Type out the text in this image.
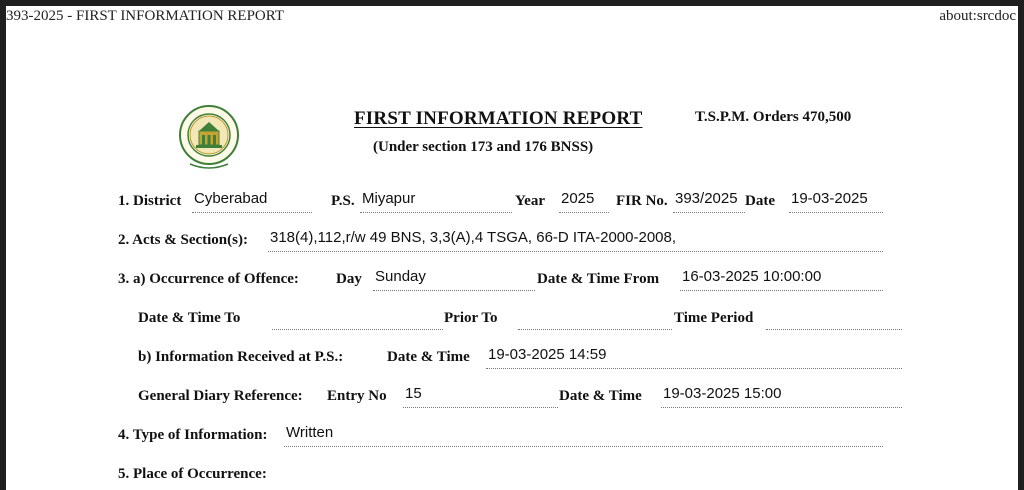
393-2025 - FIRST INFORMATION REPORT	about:srcdoc
FIRST INFORMATION REPORT
(Under section 173 and 176 BNSS)
T.S.P.M. Orders 470,500
1. District Cyberabad	P.S. Miyapur	Year 2025	FIR No. 393/2025 Date 19-03-2025
2. Acts & Section(s): 318(4),112,r/w 49 BNS, 3,3(A),4 TSGA, 66-D ITA-2000-2008,
3. a) Occurrence of Offence: Day Sunday	Date & Time From 16-03-2025 10:00:00
Date & Time To	Prior To	Time Period
b) Information Received at P.S.:	Date & Time 19-03-2025 14:59
General Diary Reference: Entry No 15	Date & Time 19-03-2025 15:00
4. Type of Information: Written
5. Place of Occurrence:
